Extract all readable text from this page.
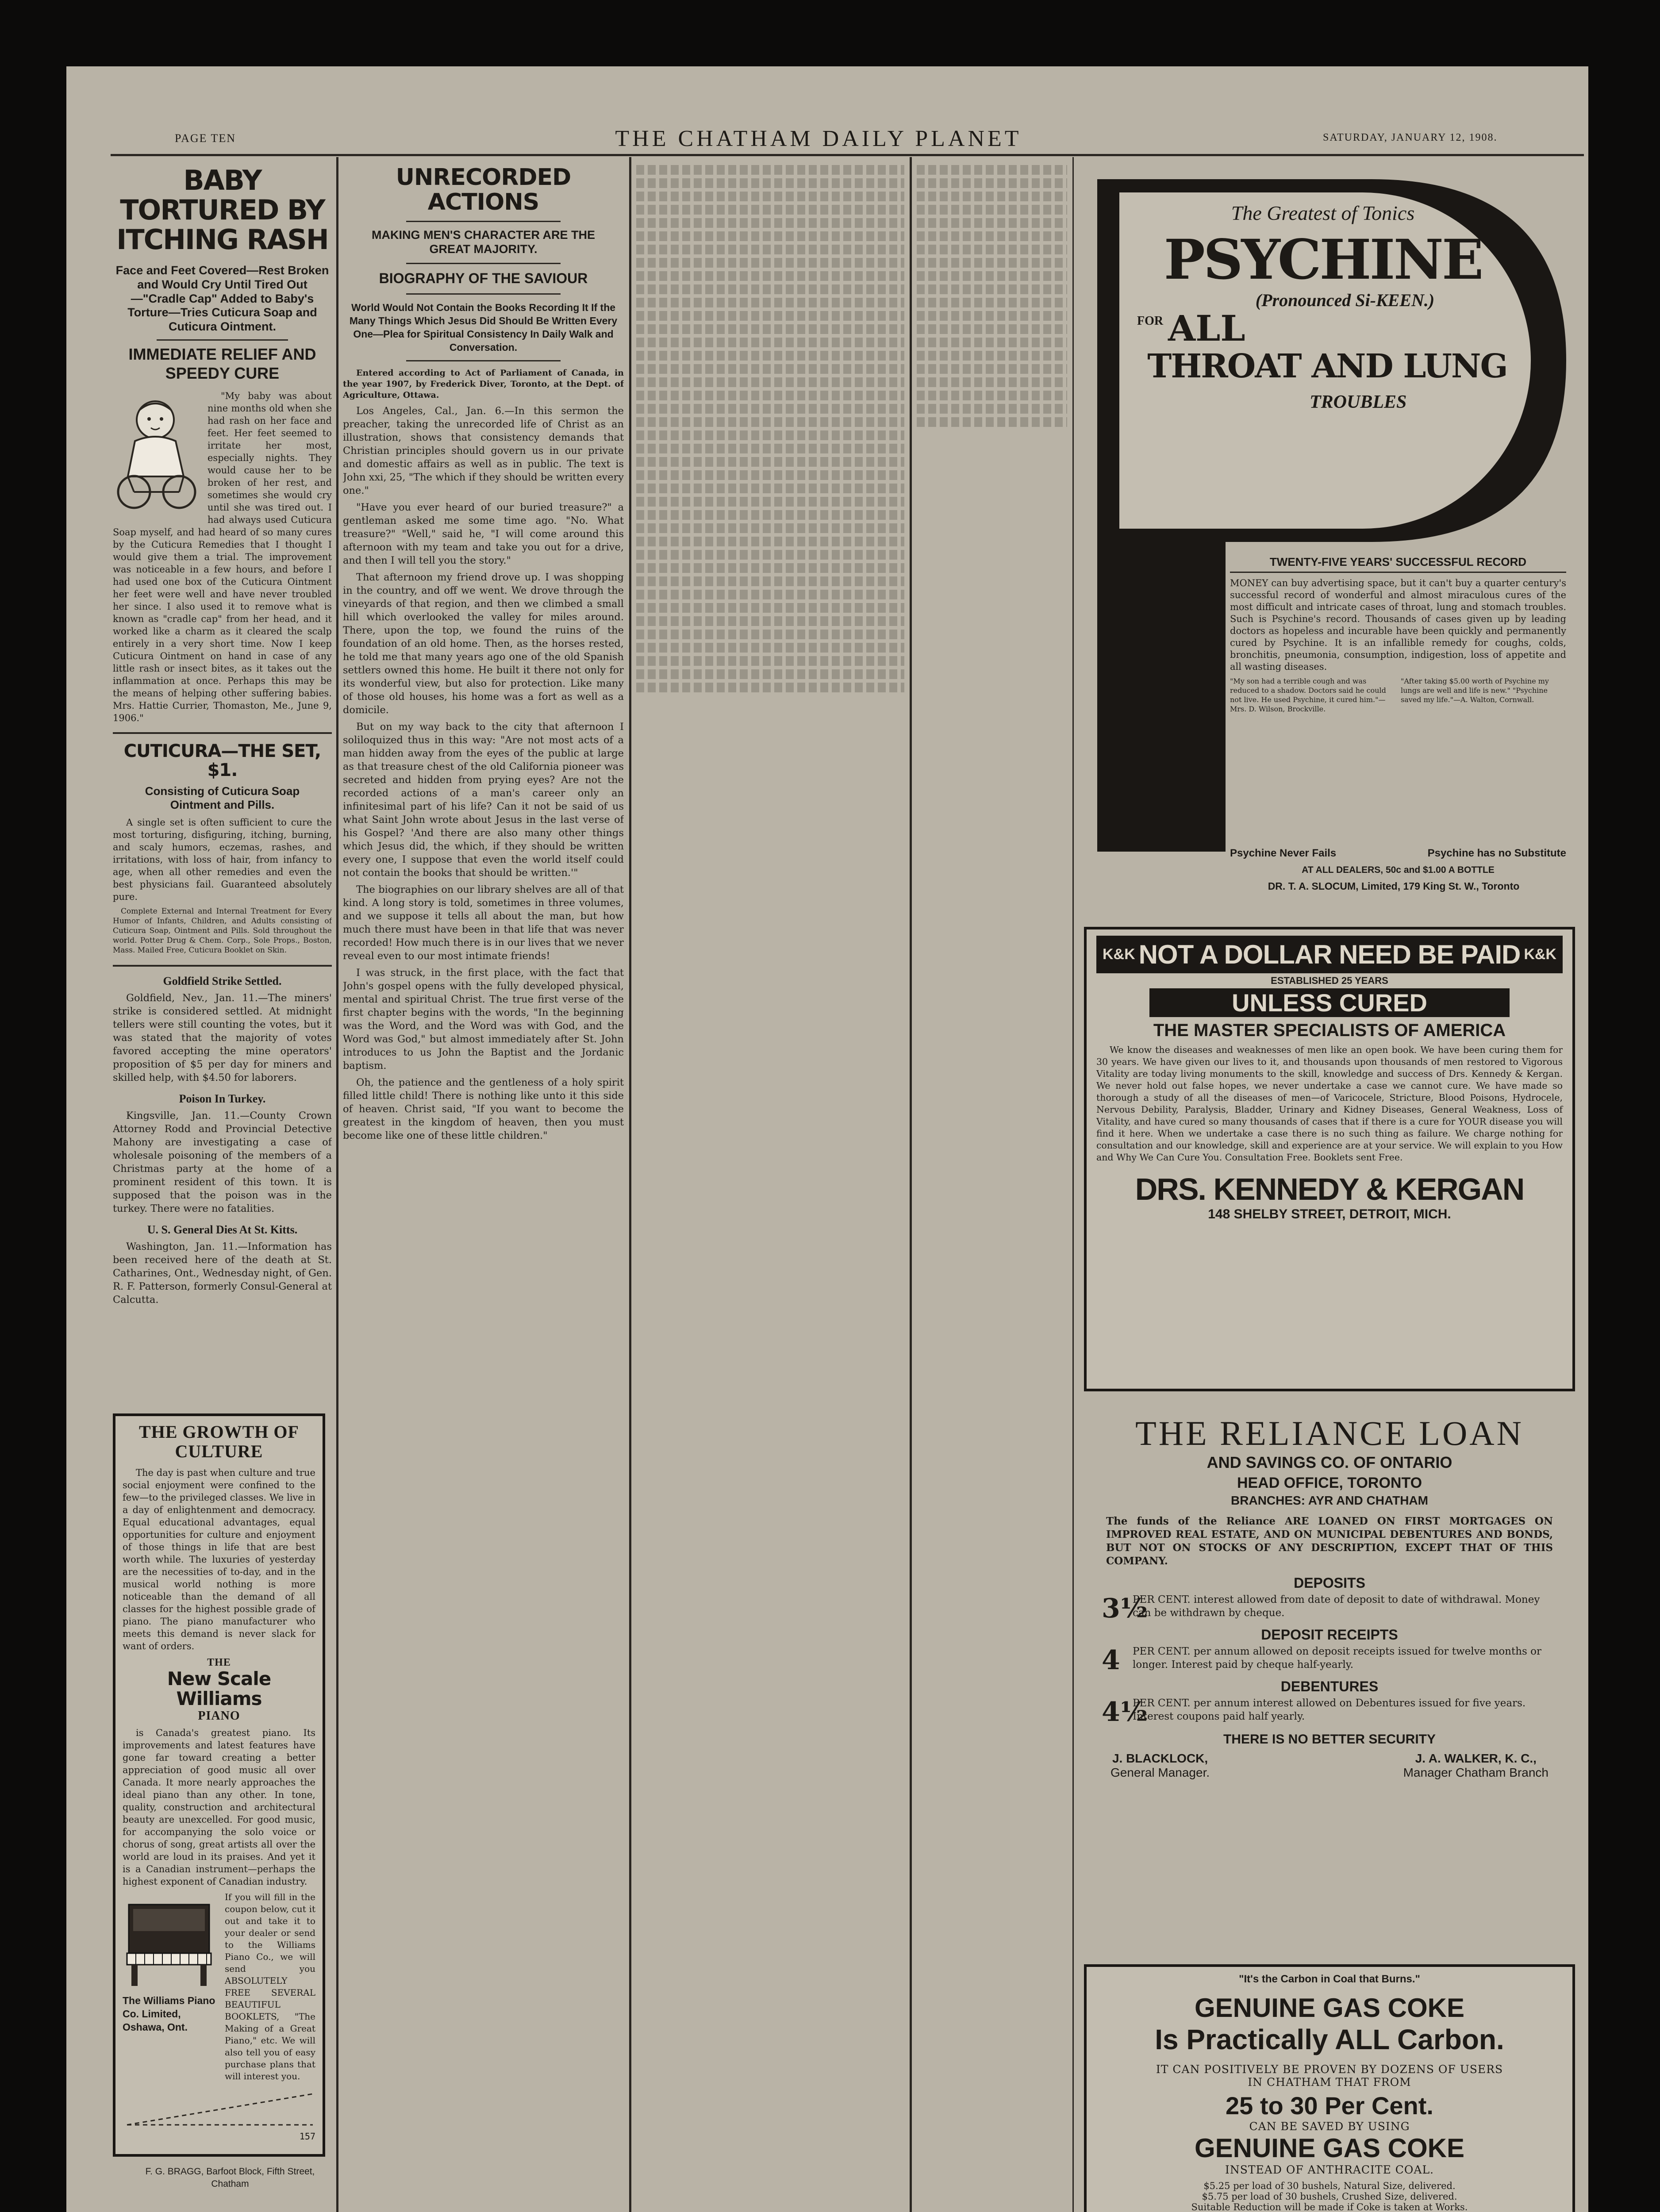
PAGE TEN	THE CHATHAM DAILY PLANET	SATURDAY, JANUARY 12, 1908.
BABY TORTURED BY ITCHING RASH
Face and Feet Covered—Rest Broken and Would Cry Until Tired Out—"Cradle Cap" Added to Baby's Torture—Tries Cuticura Soap and Cuticura Ointment.
IMMEDIATE RELIEF AND SPEEDY CURE

"My baby was about nine months old when she had rash on her face and feet. Her feet seemed to irritate her most, especially nights. They would cause her to be broken of her rest, and sometimes she would cry until she was tired out. I had always used Cuticura Soap myself, and had heard of so many cures by the Cuticura Remedies that I thought I would give them a trial. The improvement was noticeable in a few hours, and before I had used one box of the Cuticura Ointment her feet were well and have never troubled her since. I also used it to remove what is known as "cradle cap" from her head, and it worked like a charm as it cleared the scalp entirely in a very short time. Now I keep Cuticura Ointment on hand in case of any little rash or insect bites, as it takes out the inflammation at once. Perhaps this may be the means of helping other suffering babies. Mrs. Hattie Currier, Thomaston, Me., June 9, 1906."

CUTICURA—THE SET, $1.
Consisting of Cuticura Soap Ointment and Pills.

A single set is often sufficient to cure the most torturing, disfiguring, itching, burning, and scaly humors, eczemas, rashes, and irritations, with loss of hair, from infancy to age, when all other remedies and even the best physicians fail. Guaranteed absolutely pure.

Complete External and Internal Treatment for Every Humor of Infants, Children, and Adults consisting of Cuticura Soap, Ointment and Pills. Sold throughout the world. Potter Drug & Chem. Corp., Sole Props., Boston, Mass. Mailed Free, Cuticura Booklet on Skin.

Goldfield Strike Settled.

Goldfield, Nev., Jan. 11.—The miners' strike is considered settled. At midnight tellers were still counting the votes, but it was stated that the majority of votes favored accepting the mine operators' proposition of $5 per day for miners and skilled help, with $4.50 for laborers.

Poison In Turkey.

Kingsville, Jan. 11.—County Crown Attorney Rodd and Provincial Detective Mahony are investigating a case of wholesale poisoning of the members of a Christmas party at the home of a prominent resident of this town. It is supposed that the poison was in the turkey. There were no fatalities.

U. S. General Dies At St. Kitts.

Washington, Jan. 11.—Information has been received here of the death at St. Catharines, Ont., Wednesday night, of Gen. R. F. Patterson, formerly Consul-General at Calcutta.

THE GROWTH OF CULTURE

The day is past when culture and true social enjoyment were confined to the few—to the privileged classes. We live in a day of enlightenment and democracy. Equal educational advantages, equal opportunities for culture and enjoyment of those things in life that are best worth while. The luxuries of yesterday are the necessities of to-day, and in the musical world nothing is more noticeable than the demand of all classes for the highest possible grade of piano. The piano manufacturer who meets this demand is never slack for want of orders.

THE
New Scale Williams
PIANO

is Canada's greatest piano. Its improvements and latest features have gone far toward creating a better appreciation of good music all over Canada. It more nearly approaches the ideal piano than any other. In tone, quality, construction and architectural beauty are unexcelled. For good music, for accompanying the solo voice or chorus of song, great artists all over the world are loud in its praises. And yet it is a Canadian instrument—perhaps the highest exponent of Canadian industry.

If you will fill in the coupon below, cut it out and take it to your dealer or send to the Williams Piano Co., we will send you ABSOLUTELY FREE SEVERAL BEAUTIFUL BOOKLETS, "The Making of a Great Piano," etc. We will also tell you of easy purchase plans that will interest you.

The Williams Piano Co. Limited, Oshawa, Ont.
157
F. G. BRAGG, Barfoot Block, Fifth Street, Chatham
UNRECORDED ACTIONS
MAKING MEN'S CHARACTER ARE THE GREAT MAJORITY.
BIOGRAPHY OF THE SAVIOUR
World Would Not Contain the Books Recording It If the Many Things Which Jesus Did Should Be Written Every One—Plea for Spiritual Consistency In Daily Walk and Conversation.

Entered according to Act of Parliament of Canada, in the year 1907, by Frederick Diver, Toronto, at the Dept. of Agriculture, Ottawa.

Los Angeles, Cal., Jan. 6.—In this sermon the preacher, taking the unrecorded life of Christ as an illustration, shows that consistency demands that Christian principles should govern us in our private and domestic affairs as well as in public. The text is John xxi, 25, "The which if they should be written every one."

"Have you ever heard of our buried treasure?" a gentleman asked me some time ago. "No. What treasure?" "Well," said he, "I will come around this afternoon with my team and take you out for a drive, and then I will tell you the story."

That afternoon my friend drove up. I was shopping in the country, and off we went. We drove through the vineyards of that region, and then we climbed a small hill which overlooked the valley for miles around. There, upon the top, we found the ruins of the foundation of an old home. Then, as the horses rested, he told me that many years ago one of the old Spanish settlers owned this home. He built it there not only for its wonderful view, but also for protection. Like many of those old houses, his home was a fort as well as a domicile.

But on my way back to the city that afternoon I soliloquized thus in this way: "Are not most acts of a man hidden away from the eyes of the public at large as that treasure chest of the old California pioneer was secreted and hidden from prying eyes? Are not the recorded actions of a man's career only an infinitesimal part of his life? Can it not be said of us what Saint John wrote about Jesus in the last verse of his Gospel? 'And there are also many other things which Jesus did, the which, if they should be written every one, I suppose that even the world itself could not contain the books that should be written.'"

The biographies on our library shelves are all of that kind. A long story is told, sometimes in three volumes, and we suppose it tells all about the man, but how much there must have been in that life that was never recorded! How much there is in our lives that we never reveal even to our most intimate friends!

I was struck, in the first place, with the fact that John's gospel opens with the fully developed physical, mental and spiritual Christ. The true first verse of the first chapter begins with the words, "In the beginning was the Word, and the Word was with God, and the Word was God," but almost immediately after St. John introduces to us John the Baptist and the Jordanic baptism.

Oh, the patience and the gentleness of a holy spirit filled little child! There is nothing like unto it this side of heaven. Christ said, "If you want to become the greatest in the kingdom of heaven, then you must become like one of these little children."

The Greatest of Tonics
PSYCHINE
(Pronounced Si-KEEN.)
FOR ALL
THROAT AND LUNG
TROUBLES
TWENTY-FIVE YEARS' SUCCESSFUL RECORD

MONEY can buy advertising space, but it can't buy a quarter century's successful record of wonderful and almost miraculous cures of the most difficult and intricate cases of throat, lung and stomach troubles. Such is Psychine's record. Thousands of cases given up by leading doctors as hopeless and incurable have been quickly and permanently cured by Psychine. It is an infallible remedy for coughs, colds, bronchitis, pneumonia, consumption, indigestion, loss of appetite and all wasting diseases.

"My son had a terrible cough and was reduced to a shadow. Doctors said he could not live. He used Psychine, it cured him."—Mrs. D. Wilson, Brockville.
"After taking $5.00 worth of Psychine my lungs are well and life is new." "Psychine saved my life."—A. Walton, Cornwall.
Psychine Never Fails	Psychine has no Substitute
AT ALL DEALERS, 50c and $1.00 A BOTTLE
DR. T. A. SLOCUM, Limited, 179 King St. W., Toronto
K&K NOT A DOLLAR NEED BE PAID K&K
ESTABLISHED 25 YEARS
UNLESS CURED
THE MASTER SPECIALISTS OF AMERICA

We know the diseases and weaknesses of men like an open book. We have been curing them for 30 years. We have given our lives to it, and thousands upon thousands of men restored to Vigorous Vitality are today living monuments to the skill, knowledge and success of Drs. Kennedy & Kergan. We never hold out false hopes, we never undertake a case we cannot cure. We have made so thorough a study of all the diseases of men—of Varicocele, Stricture, Blood Poisons, Hydrocele, Nervous Debility, Paralysis, Bladder, Urinary and Kidney Diseases, General Weakness, Loss of Vitality, and have cured so many thousands of cases that if there is a cure for YOUR disease you will find it here. When we undertake a case there is no such thing as failure. We charge nothing for consultation and our knowledge, skill and experience are at your service. We will explain to you How and Why We Can Cure You. Consultation Free. Booklets sent Free.

DRS. KENNEDY & KERGAN
148 SHELBY STREET, DETROIT, MICH.
THE RELIANCE LOAN
AND SAVINGS CO. OF ONTARIO
HEAD OFFICE, TORONTO
BRANCHES: AYR AND CHATHAM

The funds of the Reliance ARE LOANED ON FIRST MORTGAGES ON IMPROVED REAL ESTATE, AND ON MUNICIPAL DEBENTURES AND BONDS, BUT NOT ON STOCKS OF ANY DESCRIPTION, EXCEPT THAT OF THIS COMPANY.

DEPOSITS
3½
PER CENT. interest allowed from date of deposit to date of withdrawal. Money can be withdrawn by cheque.
DEPOSIT RECEIPTS
4	PER CENT. per annum allowed on deposit receipts issued for twelve months or longer. Interest paid by cheque half-yearly.
DEBENTURES
4½
PER CENT. per annum interest allowed on Debentures issued for five years. Interest coupons paid half yearly.
THERE IS NO BETTER SECURITY
J. BLACKLOCK,
General Manager.
J. A. WALKER, K. C.,
Manager Chatham Branch
"It's the Carbon in Coal that Burns."
GENUINE GAS COKE
Is Practically ALL Carbon.
IT CAN POSITIVELY BE PROVEN BY DOZENS OF USERS
IN CHATHAM THAT FROM
25 to 30 Per Cent.
CAN BE SAVED BY USING
GENUINE GAS COKE
INSTEAD OF ANTHRACITE COAL.
$5.25 per load of 30 bushels, Natural Size, delivered.
$5.75 per load of 30 bushels, Crushed Size, delivered.
Suitable Reduction will be made if Coke is taken at Works.
